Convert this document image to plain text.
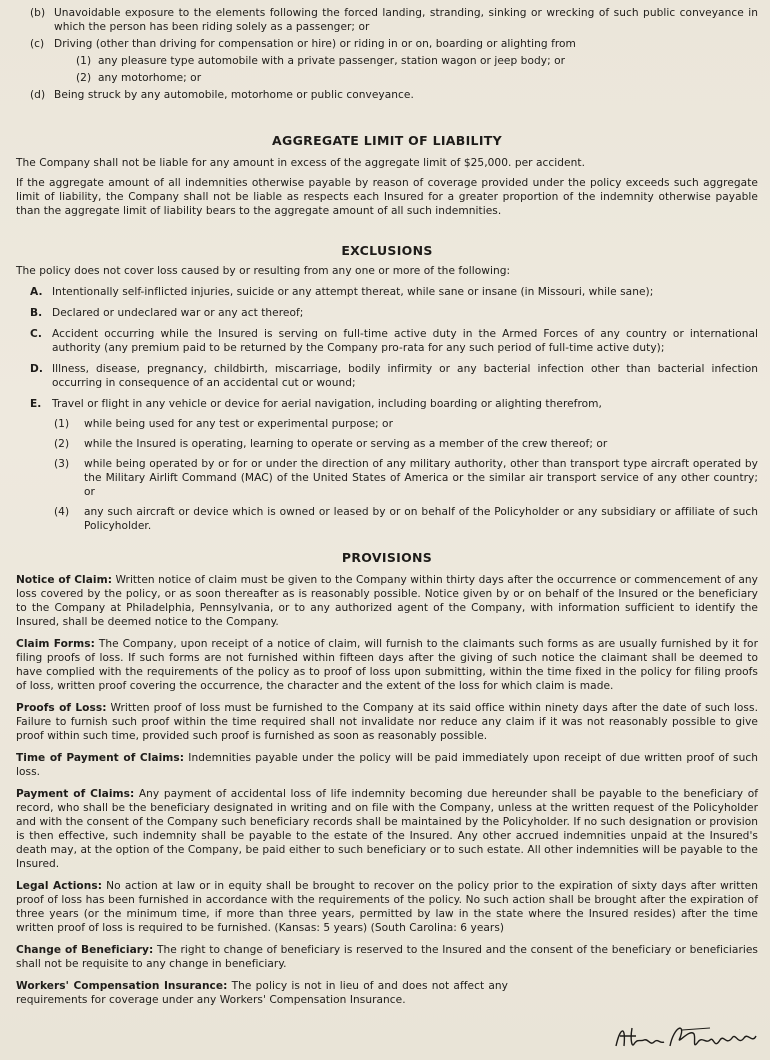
(b) Unavoidable exposure to the elements following the forced landing, stranding, sinking or wrecking of such public conveyance in which the person has been riding solely as a passenger; or
(c) Driving (other than driving for compensation or hire) or riding in or on, boarding or alighting from
(1) any pleasure type automobile with a private passenger, station wagon or jeep body; or
(2) any motorhome; or
(d) Being struck by any automobile, motorhome or public conveyance.
AGGREGATE LIMIT OF LIABILITY

The Company shall not be liable for any amount in excess of the aggregate limit of $25,000. per accident.

If the aggregate amount of all indemnities otherwise payable by reason of coverage provided under the policy exceeds such aggregate limit of liability, the Company shall not be liable as respects each Insured for a greater proportion of the indemnity otherwise payable than the aggregate limit of liability bears to the aggregate amount of all such indemnities.

EXCLUSIONS

The policy does not cover loss caused by or resulting from any one or more of the following:

A. Intentionally self-inflicted injuries, suicide or any attempt thereat, while sane or insane (in Missouri, while sane);
B. Declared or undeclared war or any act thereof;
C. Accident occurring while the Insured is serving on full-time active duty in the Armed Forces of any country or international authority (any premium paid to be returned by the Company pro-rata for any such period of full-time active duty);
D. Illness, disease, pregnancy, childbirth, miscarriage, bodily infirmity or any bacterial infection other than bacterial infection occurring in consequence of an accidental cut or wound;
E.	Travel or flight in any vehicle or device for aerial navigation, including boarding or alighting therefrom,
(1)	while being used for any test or experimental purpose; or
(2)	while the Insured is operating, learning to operate or serving as a member of the crew thereof; or
(3)	while being operated by or for or under the direction of any military authority, other than transport type aircraft operated by the Military Airlift Command (MAC) of the United States of America or the similar air transport service of any other country; or
(4)	any such aircraft or device which is owned or leased by or on behalf of the Policyholder or any subsidiary or affiliate of such Policyholder.
PROVISIONS

Notice of Claim: Written notice of claim must be given to the Company within thirty days after the occurrence or commencement of any loss covered by the policy, or as soon thereafter as is reasonably possible. Notice given by or on behalf of the Insured or the beneficiary to the Company at Philadelphia, Pennsylvania, or to any authorized agent of the Company, with information sufficient to identify the Insured, shall be deemed notice to the Company.

Claim Forms: The Company, upon receipt of a notice of claim, will furnish to the claimants such forms as are usually furnished by it for filing proofs of loss. If such forms are not furnished within fifteen days after the giving of such notice the claimant shall be deemed to have complied with the requirements of the policy as to proof of loss upon submitting, within the time fixed in the policy for filing proofs of loss, written proof covering the occurrence, the character and the extent of the loss for which claim is made.

Proofs of Loss: Written proof of loss must be furnished to the Company at its said office within ninety days after the date of such loss. Failure to furnish such proof within the time required shall not invalidate nor reduce any claim if it was not reasonably possible to give proof within such time, provided such proof is furnished as soon as reasonably possible.

Time of Payment of Claims: Indemnities payable under the policy will be paid immediately upon receipt of due written proof of such loss.

Payment of Claims: Any payment of accidental loss of life indemnity becoming due hereunder shall be payable to the beneficiary of record, who shall be the beneficiary designated in writing and on file with the Company, unless at the written request of the Policyholder and with the consent of the Company such beneficiary records shall be maintained by the Policyholder. If no such designation or provision is then effective, such indemnity shall be payable to the estate of the Insured. Any other accrued indemnities unpaid at the Insured's death may, at the option of the Company, be paid either to such beneficiary or to such estate. All other indemnities will be payable to the Insured.

Legal Actions: No action at law or in equity shall be brought to recover on the policy prior to the expiration of sixty days after written proof of loss has been furnished in accordance with the requirements of the policy. No such action shall be brought after the expiration of three years (or the minimum time, if more than three years, permitted by law in the state where the Insured resides) after the time written proof of loss is required to be furnished. (Kansas: 5 years) (South Carolina: 6 years)

Change of Beneficiary: The right to change of beneficiary is reserved to the Insured and the consent of the beneficiary or beneficiaries shall not be requisite to any change in beneficiary.

Workers' Compensation Insurance: The policy is not in lieu of and does not affect any requirements for coverage under any Workers' Compensation Insurance.
